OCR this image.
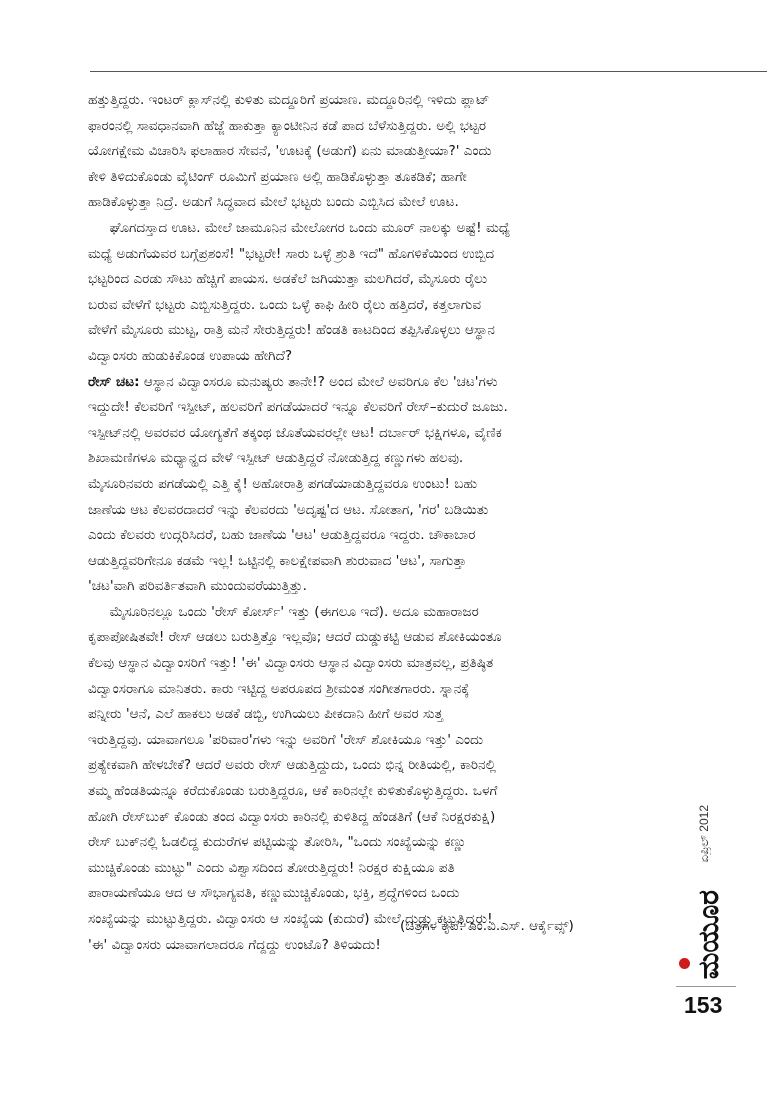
ಹತ್ತುತ್ತಿದ್ದರು. ಇಂಟರ್ ಕ್ಲಾಸ್‌ನಲ್ಲಿ ಕುಳಿತು ಮದ್ದೂರಿಗೆ ಪ್ರಯಾಣ. ಮದ್ದೂರಿನಲ್ಲಿ ಇಳಿದು ಪ್ಲಾಟ್
ಫಾರಂನಲ್ಲಿ ಸಾವಧಾನವಾಗಿ ಹೆಜ್ಜೆ ಹಾಕುತ್ತಾ ಕ್ಯಾಂಟೀನಿನ ಕಡೆ ಪಾದ ಬೆಳೆಸುತ್ತಿದ್ದರು. ಅಲ್ಲಿ ಭಟ್ಟರ
ಯೋಗಕ್ಷೇಮ ವಿಚಾರಿಸಿ ಫಲಾಹಾರ ಸೇವನೆ, 'ಊಟಕ್ಕೆ (ಅಡುಗೆ) ಏನು ಮಾಡುತ್ತೀಯಾ?' ಎಂದು
ಕೇಳಿ ತಿಳಿದುಕೊಂಡು ವೈಟಿಂಗ್ ರೂಮಿಗೆ ಪ್ರಯಾಣ ಅಲ್ಲಿ ಹಾಡಿಕೊಳ್ಳುತ್ತಾ ತೂಕಡಿಕೆ; ಹಾಗೇ
ಹಾಡಿಕೊಳ್ಳುತ್ತಾ ನಿದ್ರೆ. ಅಡುಗೆ ಸಿದ್ಧವಾದ ಮೇಲೆ ಭಟ್ಟರು ಬಂದು ಎಬ್ಬಿಸಿದ ಮೇಲೆ ಊಟ.
ಘೊಗದಸ್ತಾದ ಊಟ. ಮೇಲೆ ಜಾಮೂನಿನ ಮೇಲೋಗರ ಒಂದು ಮೂರ್ ನಾಲಕ್ಕು ಅಷ್ಟೆ! ಮಧ್ಯೆ
ಮಧ್ಯೆ ಅಡುಗೆಯವರ ಬಗ್ಗೆಪ್ರಶಂಸೆ! "ಭಟ್ಟರೇ! ಸಾರು ಒಳ್ಳೆ ಶ್ರುತಿ ಇದೆ" ಹೊಗಳಿಕೆಯಿಂದ ಉಬ್ಬಿದ
ಭಟ್ಟರಿಂದ ಎರಡು ಸೌಟು ಹೆಚ್ಚಿಗೆ ಪಾಯಸ. ಅಡಕೆಲೆ ಜಗಿಯುತ್ತಾ ಮಲಗಿದರೆ, ಮೈಸೂರು ರೈಲು
ಬರುವ ವೇಳೆಗೆ ಭಟ್ಟರು ಎಬ್ಬಿಸುತ್ತಿದ್ದರು. ಒಂದು ಒಳ್ಳೆ ಕಾಫಿ ಹೀರಿ ರೈಲು ಹತ್ತಿದರೆ, ಕತ್ತಲಾಗುವ
ವೇಳೆಗೆ ಮೈಸೂರು ಮುಟ್ಟ, ರಾತ್ರಿ ಮನೆ ಸೇರುತ್ತಿದ್ದರು! ಹೆಂಡತಿ ಕಾಟದಿಂದ ತಪ್ಪಿಸಿಕೊಳ್ಳಲು ಆಸ್ಥಾನ
ವಿದ್ವಾಂಸರು ಹುಡುಕಿಕೊಂಡ ಉಪಾಯ ಹೇಗಿದೆ?
ರೇಸ್ ಚಟ: ಆಸ್ಥಾನ ವಿದ್ವಾಂಸರೂ ಮನುಷ್ಯರು ತಾನೇ!? ಅಂದ ಮೇಲೆ ಅವರಿಗೂ ಕೆಲ 'ಚಟ'ಗಳು
ಇದ್ದುದೇ! ಕೆಲವರಿಗೆ ಇಸ್ಪೀಟ್, ಹಲವರಿಗೆ ಪಗಡೆಯಾದರೆ ಇನ್ನೂ ಕೆಲವರಿಗೆ ರೇಸ್–ಕುದುರೆ ಜೂಜು.
ಇಸ್ಪೀಟ್‌ನಲ್ಲಿ ಅವರವರ ಯೋಗ್ಯತೆಗೆ ತಕ್ಕಂಥ ಜೊತೆಯವರಲ್ಲೇ ಆಟ! ದರ್ಬಾರ್ ಭಕ್ಷಿಗಳೂ, ವೈಣಿಕ
ಶಿಖಾಮಣಿಗಳೂ ಮಧ್ಯಾನ್ಹದ ವೇಳೆ ಇಸ್ಪೀಟ್ ಆಡುತ್ತಿದ್ದರೆ ನೋಡುತ್ತಿದ್ದ ಕಣ್ಣುಗಳು ಹಲವು.
ಮೈಸೂರಿನವರು ಪಗಡೆಯಲ್ಲಿ ಎತ್ತಿ ಕೈ! ಅಹೋರಾತ್ರಿ ಪಗಡೆಯಾಡುತ್ತಿದ್ದವರೂ ಉಂಟು! ಬಹು
ಜಾಣೆಯ ಆಟ ಕೆಲವರದಾದರೆ ಇನ್ನು ಕೆಲವರದು 'ಅದೃಷ್ಟ'ದ ಆಟ. ಸೋತಾಗ, 'ಗರ' ಬಡಿಯಿತು
ಎಂದು ಕೆಲವರು ಉದ್ಗರಿಸಿದರೆ, ಬಹು ಜಾಣೆಯ 'ಆಟ' ಆಡುತ್ತಿದ್ದವರೂ ಇದ್ದರು. ಚೌಕಾಬಾರ
ಆಡುತ್ತಿದ್ದವರಿಗೇನೂ ಕಡಮೆ ಇಲ್ಲ! ಒಟ್ಟಿನಲ್ಲಿ ಕಾಲಕ್ಷೇಪವಾಗಿ ಶುರುವಾದ 'ಆಟ', ಸಾಗುತ್ತಾ
'ಚಟ'ವಾಗಿ ಪರಿವರ್ತಿತವಾಗಿ ಮುಂದುವರೆಯುತ್ತಿತ್ತು.
ಮೈಸೂರಿನಲ್ಲೂ ಒಂದು 'ರೇಸ್ ಕೋರ್ಸ್' ಇತ್ತು (ಈಗಲೂ ಇದೆ). ಅದೂ ಮಹಾರಾಜರ
ಕೃಪಾಪೋಷಿತವೇ! ರೇಸ್ ಆಡಲು ಬರುತ್ತಿತ್ತೊ ಇಲ್ಲವೊ; ಆದರೆ ದುಡ್ಡುಕಟ್ಟಿ ಆಡುವ ಶೋಕಿಯಂತೂ
ಕೆಲವು ಆಸ್ಥಾನ ವಿದ್ವಾಂಸರಿಗೆ ಇತ್ತು! 'ಈ' ವಿದ್ವಾಂಸರು ಆಸ್ಥಾನ ವಿದ್ವಾಂಸರು ಮಾತ್ರವಲ್ಲ, ಪ್ರತಿಷ್ಠಿತ
ವಿದ್ವಾಂಸರಾಗೂ ಮಾನಿತರು. ಕಾರು ಇಟ್ಟಿದ್ದ ಅಪರೂಪದ ಶ್ರೀಮಂತ ಸಂಗೀತಗಾರರು. ಸ್ನಾನಕ್ಕೆ
ಪನ್ನೀರು 'ಆನೆ, ಎಲೆ ಹಾಕಲು ಅಡಕೆ ಡಬ್ಬಿ, ಉಗಿಯಲು ಪೀಕದಾನಿ ಹೀಗೆ ಅವರ ಸುತ್ತ
ಇರುತ್ತಿದ್ದವು. ಯಾವಾಗಲೂ 'ಪರಿವಾರ'ಗಳು ಇನ್ನು ಅವರಿಗೆ 'ರೇಸ್ ಶೋಕಿಯೂ ಇತ್ತು' ಎಂದು
ಪ್ರತ್ಯೇಕವಾಗಿ ಹೇಳಬೇಕೆ? ಆದರೆ ಅವರು ರೇಸ್ ಆಡುತ್ತಿದ್ದುದು, ಒಂದು ಭಿನ್ನ ರೀತಿಯಲ್ಲಿ, ಕಾರಿನಲ್ಲಿ
ತಮ್ಮ ಹೆಂಡತಿಯನ್ನೂ ಕರೆದುಕೊಂಡು ಬರುತ್ತಿದ್ದರೂ, ಆಕೆ ಕಾರಿನಲ್ಲೇ ಕುಳಿತುಕೊಳ್ಳುತ್ತಿದ್ದರು. ಒಳಗೆ
ಹೋಗಿ ರೇಸ್‌ಬುಕ್ ಕೊಂಡು ತಂದ ವಿದ್ವಾಂಸರು ಕಾರಿನಲ್ಲಿ ಕುಳಿತಿದ್ದ ಹೆಂಡತಿಗೆ (ಆಕೆ ನಿರಕ್ಷರಕುಕ್ಷಿ)
ರೇಸ್ ಬುಕ್‌ನಲ್ಲಿ ಓಡಲಿದ್ದ ಕುದುರೆಗಳ ಪಟ್ಟಿಯನ್ನು ತೋರಿಸಿ, "ಒಂದು ಸಂಖ್ಯೆಯನ್ನು ಕಣ್ಣು
ಮುಚ್ಚಿಕೊಂಡು ಮುಟ್ಟು" ಎಂದು ವಿಶ್ವಾಸದಿಂದ ತೋರುತ್ತಿದ್ದರು! ನಿರಕ್ಷರ ಕುಕ್ಷಿಯೂ ಪತಿ
ಪಾರಾಯಣೆಯೂ ಆದ ಆ ಸೌಭಾಗ್ಯವತಿ, ಕಣ್ಣುಮುಚ್ಚಿಕೊಂಡು, ಭಕ್ತಿ, ಶ್ರದ್ಧೆಗಳಿಂದ ಒಂದು
ಸಂಖ್ಯೆಯನ್ನು ಮುಟ್ಟುತ್ತಿದ್ದರು. ವಿದ್ವಾಂಸರು ಆ ಸಂಖ್ಯೆಯ (ಕುದುರೆ) ಮೇಲೆ ದುಡ್ಡು ಕಟ್ಟುತ್ತಿದ್ದರು!
'ಈ' ವಿದ್ವಾಂಸರು ಯಾವಾಗಲಾದರೂ ಗೆದ್ದದ್ದು ಉಂಟೊ? ತಿಳಿಯದು!
(ಚಿತ್ರಗಳ ಕೃಪೆ: ಎಂ.ವಿ.ಎಸ್. ಆರ್ಕೈವ್ಸ್)
ಏಪ್ರಿಲ್ 2012
ಮಯೂರ
153
